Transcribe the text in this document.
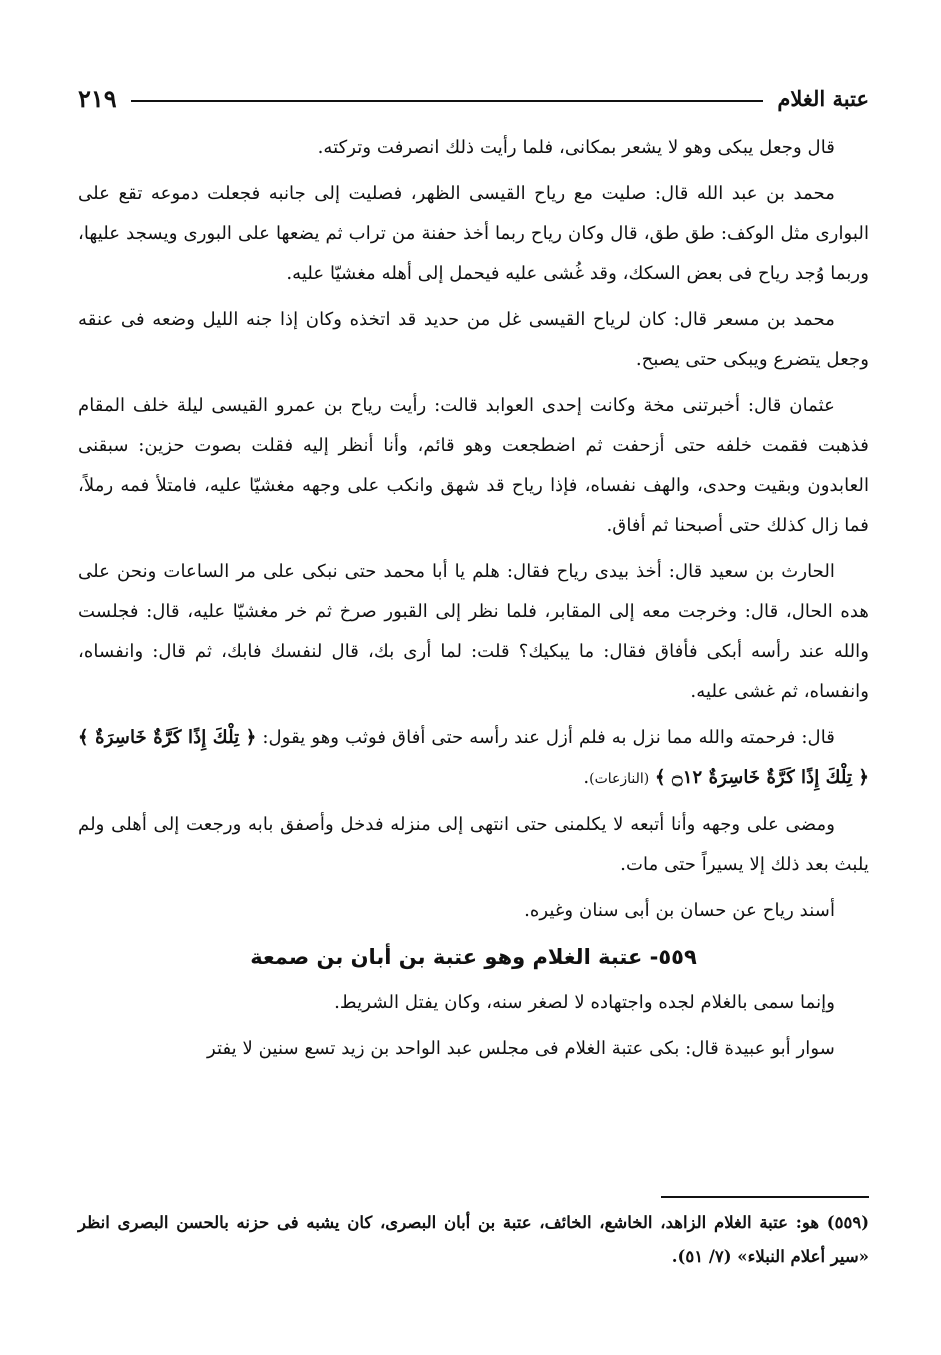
عتبة الغلام
٢١٩

قال وجعل يبكى وهو لا يشعر بمكانى، فلما رأيت ذلك انصرفت وتركته.

محمد بن عبد الله قال: صليت مع رياح القيسى الظهر، فصليت إلى جانبه فجعلت دموعه تقع على البوارى مثل الوكف: طق طق، قال وكان رياح ربما أخذ حفنة من تراب ثم يضعها على البورى ويسجد عليها، وربما وُجد رياح فى بعض السكك، وقد غُشى عليه فيحمل إلى أهله مغشيّا عليه.

محمد بن مسعر قال: كان لرياح القيسى غل من حديد قد اتخذه وكان إذا جنه الليل وضعه فى عنقه وجعل يتضرع ويبكى حتى يصبح.

عثمان قال: أخبرتنى مخة وكانت إحدى العوابد قالت: رأيت رياح بن عمرو القيسى ليلة خلف المقام فذهبت فقمت خلفه حتى أزحفت ثم اضطجعت وهو قائم، وأنا أنظر إليه فقلت بصوت حزين: سبقنى العابدون وبقيت وحدى، والهف نفساه، فإذا رياح قد شهق وانكب على وجهه مغشيّا عليه، فامتلأ فمه رملاً، فما زال كذلك حتى أصبحنا ثم أفاق.

الحارث بن سعيد قال: أخذ بيدى رياح فقال: هلم يا أبا محمد حتى نبكى على مر الساعات ونحن على هده الحال، قال: وخرجت معه إلى المقابر، فلما نظر إلى القبور صرخ ثم خر مغشيّا عليه، قال: فجلست والله عند رأسه أبكى فأفاق فقال: ما يبكيك؟ قلت: لما أرى بك، قال لنفسك فابك، ثم قال: وانفساه، وانفساه، ثم غشى عليه.

قال: فرحمته والله مما نزل به فلم أزل عند رأسه حتى أفاق فوثب وهو يقول: ﴿ تِلْكَ إِذًا كَرَّةٌ خَاسِرَةٌ ﴾ ﴿ تِلْكَ إِذًا كَرَّةٌ خَاسِرَةٌ ۝١٢ ﴾ (النازعات).

ومضى على وجهه وأنا أتبعه لا يكلمنى حتى انتهى إلى منزله فدخل وأصفق بابه ورجعت إلى أهلى ولم يلبث بعد ذلك إلا يسيراً حتى مات.

أسند رياح عن حسان بن أبى سنان وغيره.

٥٥٩- عتبة الغلام وهو عتبة بن أبان بن صمعة

وإنما سمى بالغلام لجده واجتهاده لا لصغر سنه، وكان يفتل الشريط.

سوار أبو عبيدة قال: بكى عتبة الغلام فى مجلس عبد الواحد بن زيد تسع سنين لا يفتر

(٥٥٩) هو: عتبة الغلام الزاهد، الخاشع، الخائف، عتبة بن أبان البصرى، كان يشبه فى حزنه بالحسن البصرى انظر «سير أعلام النبلاء» (٧/ ٥١).
